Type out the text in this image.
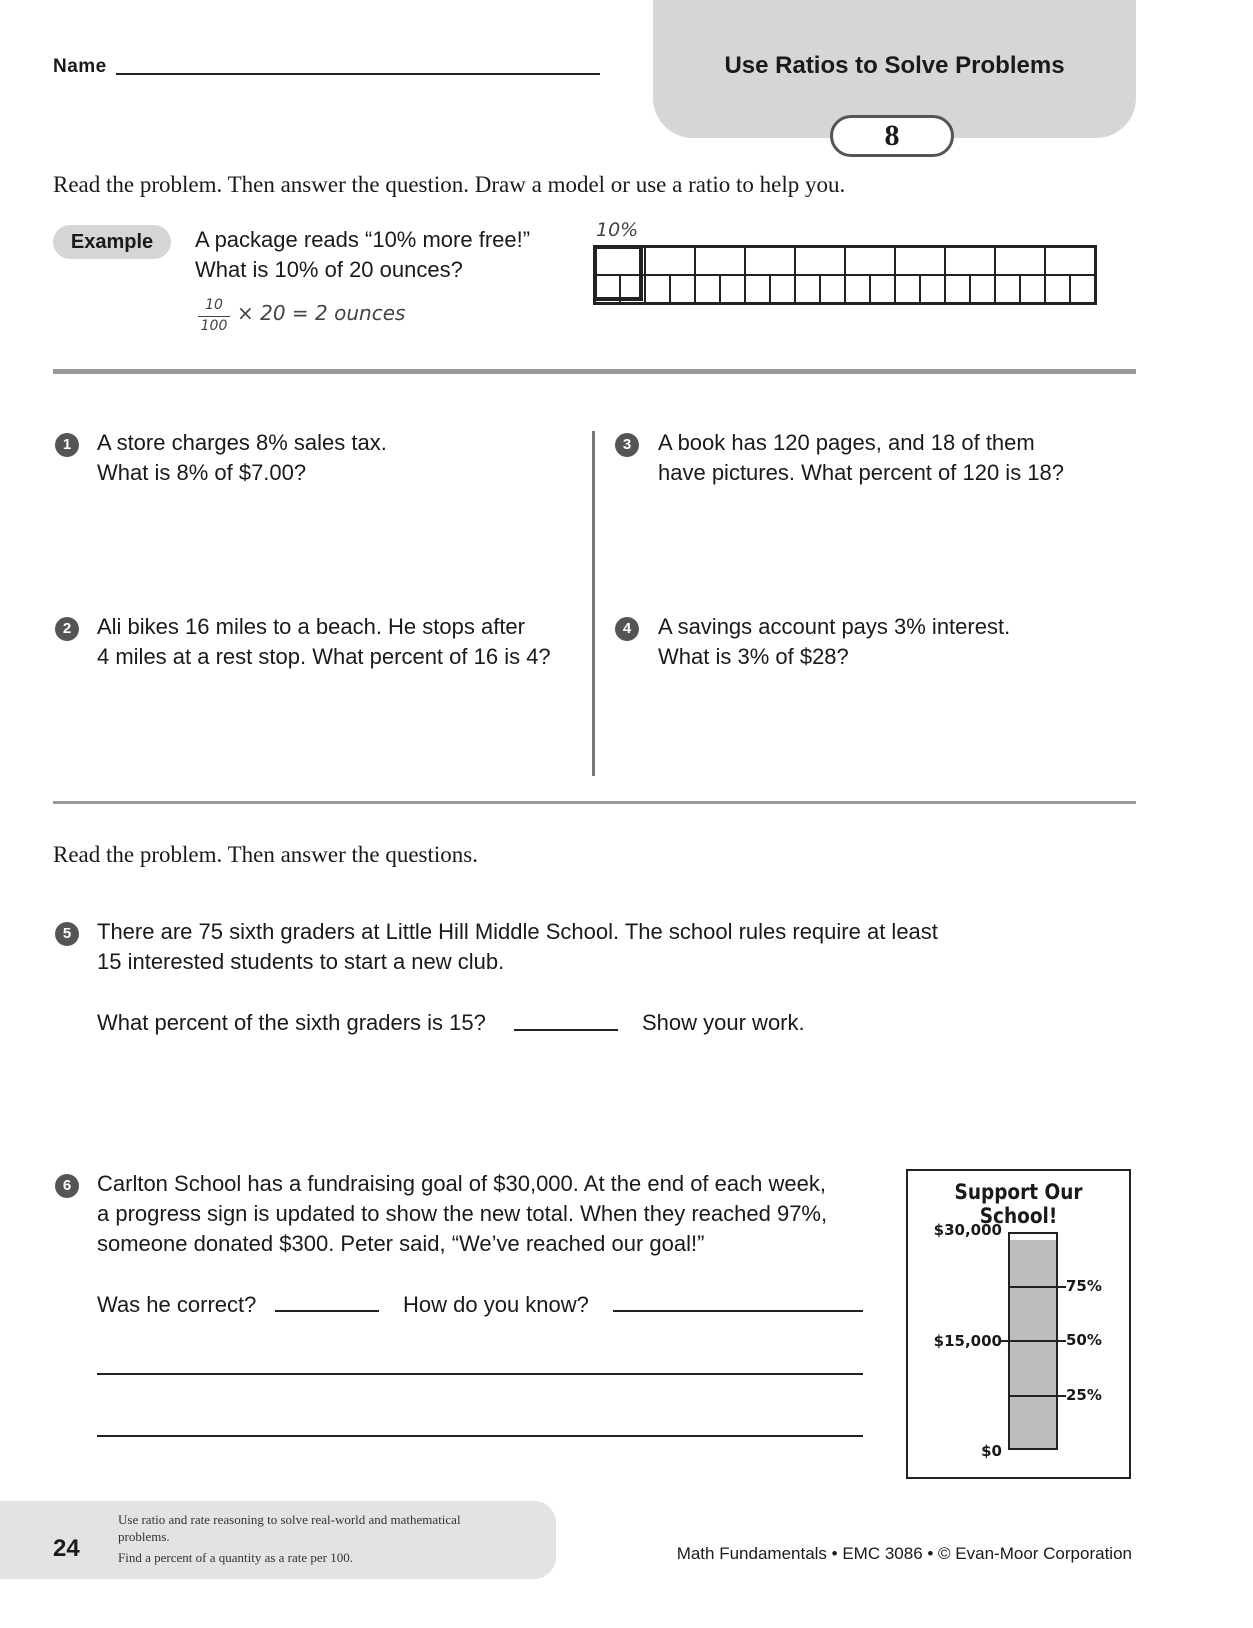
Name	Use Ratios to Solve Problems
8
Read the problem. Then answer the question. Draw a model or use a ratio to help you.
Example	A package reads “10% more free!”
What is 10% of 20 ounces?
10
100
× 20 = 2 ounces
10%
1	A store charges 8% sales tax.
What is 8% of $7.00?
2	Ali bikes 16 miles to a beach. He stops after
4 miles at a rest stop. What percent of 16 is 4?
3	A book has 120 pages, and 18 of them
have pictures. What percent of 120 is 18?
4	A savings account pays 3% interest.
What is 3% of $28?
Read the problem. Then answer the questions.
5	There are 75 sixth graders at Little Hill Middle School. The school rules require at least
15 interested students to start a new club.
What percent of the sixth graders is 15?	Show your work.
6	Carlton School has a fundraising goal of $30,000. At the end of each week,
a progress sign is updated to show the new total. When they reached 97%,
someone donated $300. Peter said, “We’ve reached our goal!”
Was he correct?	How do you know?
Support Our School!
$30,000
$15,000
$0
75%
50%
25%
24
Use ratio and rate reasoning to solve real-world and mathematical
problems.
Find a percent of a quantity as a rate per 100.	Math Fundamentals • EMC 3086 • © Evan-Moor Corporation
